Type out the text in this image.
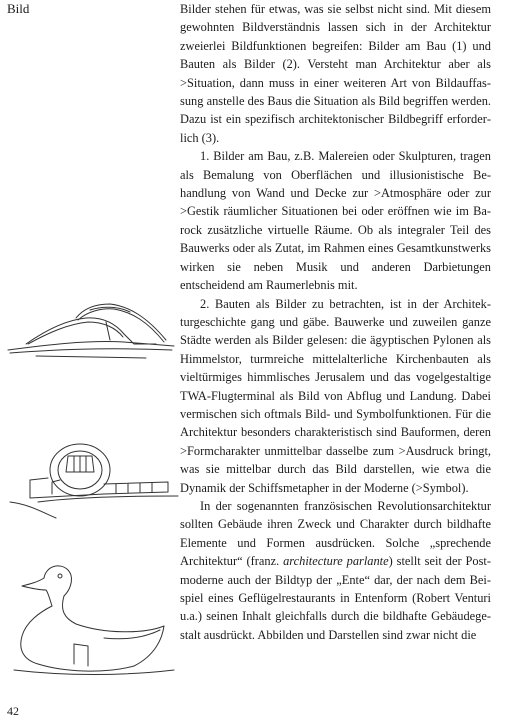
Bild	Bilder stehen für etwas, was sie selbst nicht sind. Mit diesem gewohnten Bildverständnis lassen sich in der Architektur zweierlei Bildfunktionen begreifen: Bilder am Bau (1) und Bauten als Bilder (2). Versteht man Architektur aber als >Situation, dann muss in einer weiteren Art von Bildauffassung anstelle des Baus die Situation als Bild begriffen werden. Dazu ist ein spezifisch architektonischer Bildbegriff erforderlich (3).

1. Bilder am Bau, z.B. Malereien oder Skulpturen, tragen als Bemalung von Oberflächen und illusionistische Behandlung von Wand und Decke zur >Atmosphäre oder zur >Gestik räumlicher Situationen bei oder eröffnen wie im Barock zusätzliche virtuelle Räume. Ob als integraler Teil des Bauwerks oder als Zutat, im Rahmen eines Gesamtkunstwerks wirken sie neben Musik und anderen Darbietungen entscheidend am Raumerlebnis mit.

2. Bauten als Bilder zu betrachten, ist in der Architekturgeschichte gang und gäbe. Bauwerke und zuweilen ganze Städte werden als Bilder gelesen: die ägyptischen Pylonen als Himmelstor, turmreiche mittelalterliche Kirchenbauten als vieltürmiges himmlisches Jerusalem und das vogelgestaltige TWA-Flugterminal als Bild von Abflug und Landung. Dabei vermischen sich oftmals Bild- und Symbolfunktionen. Für die Architektur besonders charakteristisch sind Bauformen, deren >Formcharakter unmittelbar dasselbe zum >Ausdruck bringt, was sie mittelbar durch das Bild darstellen, wie etwa die Dynamik der Schiffsmetapher in der Moderne (>Symbol).

In der sogenannten französischen Revolutionsarchitektur sollten Gebäude ihren Zweck und Charakter durch bildhafte Elemente und Formen ausdrücken. Solche „sprechende Architektur“ (franz. architecture parlante) stellt seit der Postmoderne auch der Bildtyp der „Ente“ dar, der nach dem Beispiel eines Geflügelrestaurants in Entenform (Robert Venturi u.a.) seinen Inhalt gleichfalls durch die bildhafte Gebäudegestalt ausdrückt. Abbilden und Darstellen sind zwar nicht die

42
